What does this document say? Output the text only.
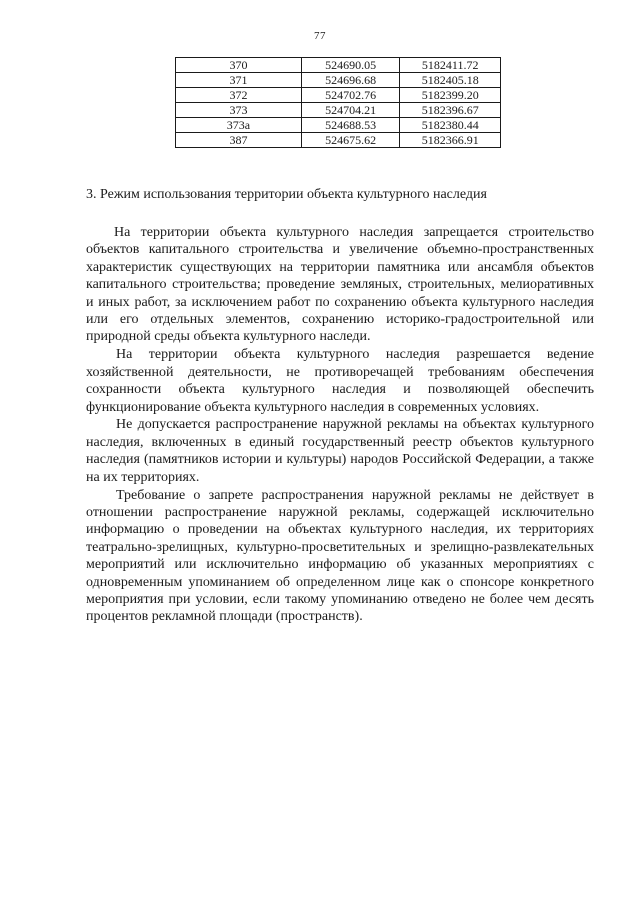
77
370	524690.05	5182411.72
371	524696.68	5182405.18
372	524702.76	5182399.20
373	524704.21	5182396.67
373a	524688.53	5182380.44
387	524675.62	5182366.91
3. Режим использования территории объекта культурного наследия

На территории объекта культурного наследия запрещается строительство объектов капитального строительства и увеличение объемно-пространственных характеристик существующих на территории памятника или ансамбля объектов капитального строительства; проведение земляных, строительных, мелиоративных и иных работ, за исключением работ по сохранению объекта культурного наследия или его отдельных элементов, сохранению историко-градостроительной или природной среды объекта культурного наследи.

На территории объекта культурного наследия разрешается ведение хозяйственной деятельности, не противоречащей требованиям обеспечения сохранности объекта культурного наследия и позволяющей обеспечить функционирование объекта культурного наследия в современных условиях.

Не допускается распространение наружной рекламы на объектах культурного наследия, включенных в единый государственный реестр объектов культурного наследия (памятников истории и культуры) народов Российской Федерации, а также на их территориях.

Требование о запрете распространения наружной рекламы не действует в отношении распространение наружной рекламы, содержащей исключительно информацию о проведении на объектах культурного наследия, их территориях театрально-зрелищных, культурно-просветительных и зрелищно-развлекательных мероприятий или исключительно информацию об указанных мероприятиях с одновременным упоминанием об определенном лице как о спонсоре конкретного мероприятия при условии, если такому упоминанию отведено не более чем десять процентов рекламной площади (пространств).
